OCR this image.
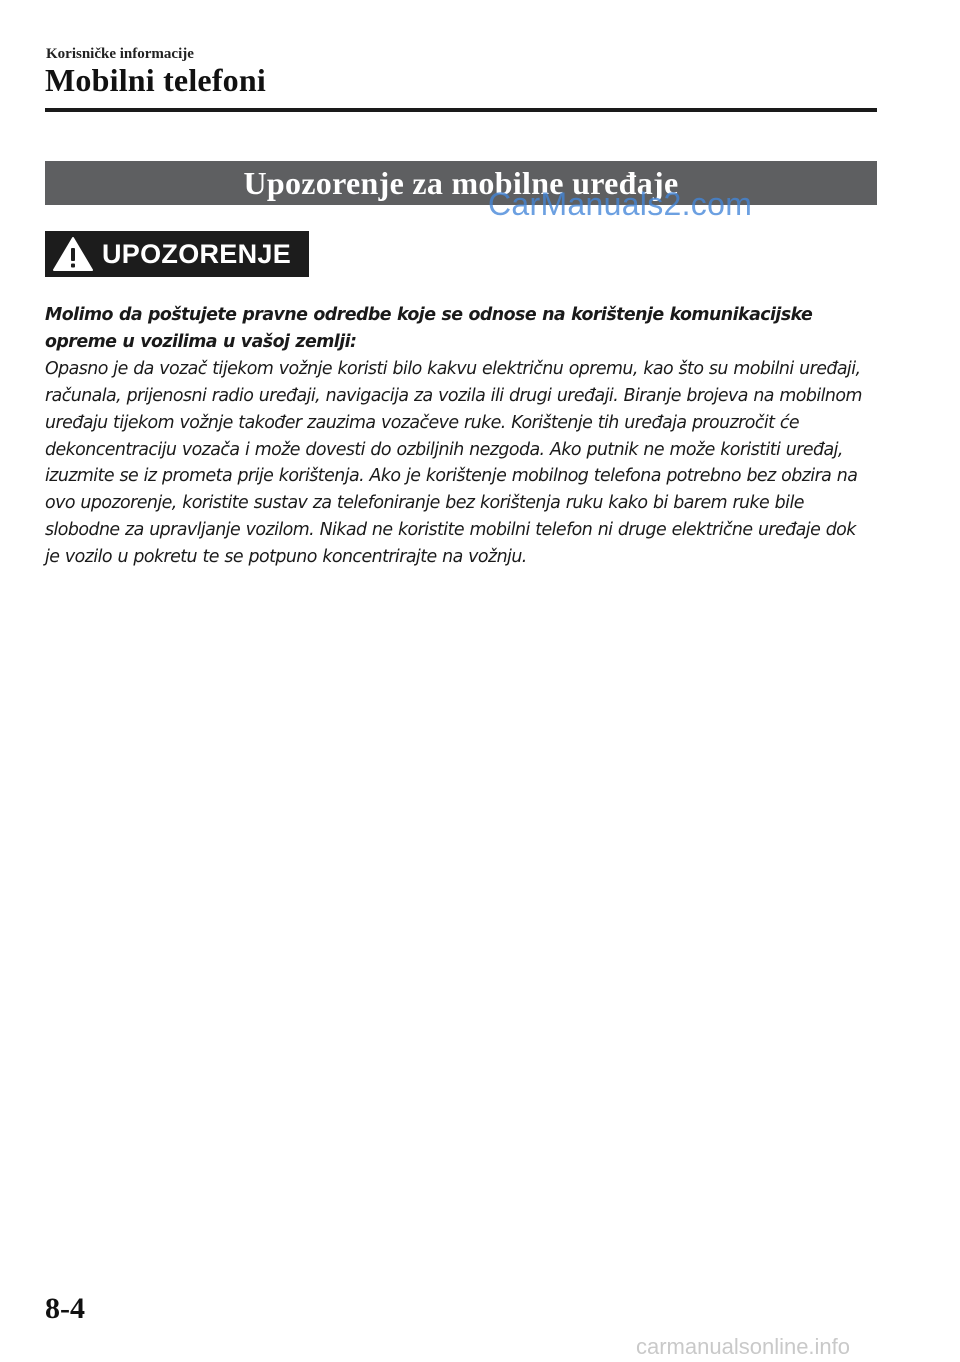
Korisničke informacije
Mobilni telefoni
Upozorenje za mobilne uređaje
CarManuals2.com
UPOZORENJE

Molimo da poštujete pravne odredbe koje se odnose na korištenje komunikacijske opreme u vozilima u vašoj zemlji:

Opasno je da vozač tijekom vožnje koristi bilo kakvu električnu opremu, kao što su mobilni uređaji, računala, prijenosni radio uređaji, navigacija za vozila ili drugi uređaji. Biranje brojeva na mobilnom uređaju tijekom vožnje također zauzima vozačeve ruke. Korištenje tih uređaja prouzročit će dekoncentraciju vozača i može dovesti do ozbiljnih nezgoda. Ako putnik ne može koristiti uređaj, izuzmite se iz prometa prije korištenja. Ako je korištenje mobilnog telefona potrebno bez obzira na ovo upozorenje, koristite sustav za telefoniranje bez korištenja ruku kako bi barem ruke bile slobodne za upravljanje vozilom. Nikad ne koristite mobilni telefon ni druge električne uređaje dok je vozilo u pokretu te se potpuno koncentrirajte na vožnju.

8-4
carmanualsonline.info
